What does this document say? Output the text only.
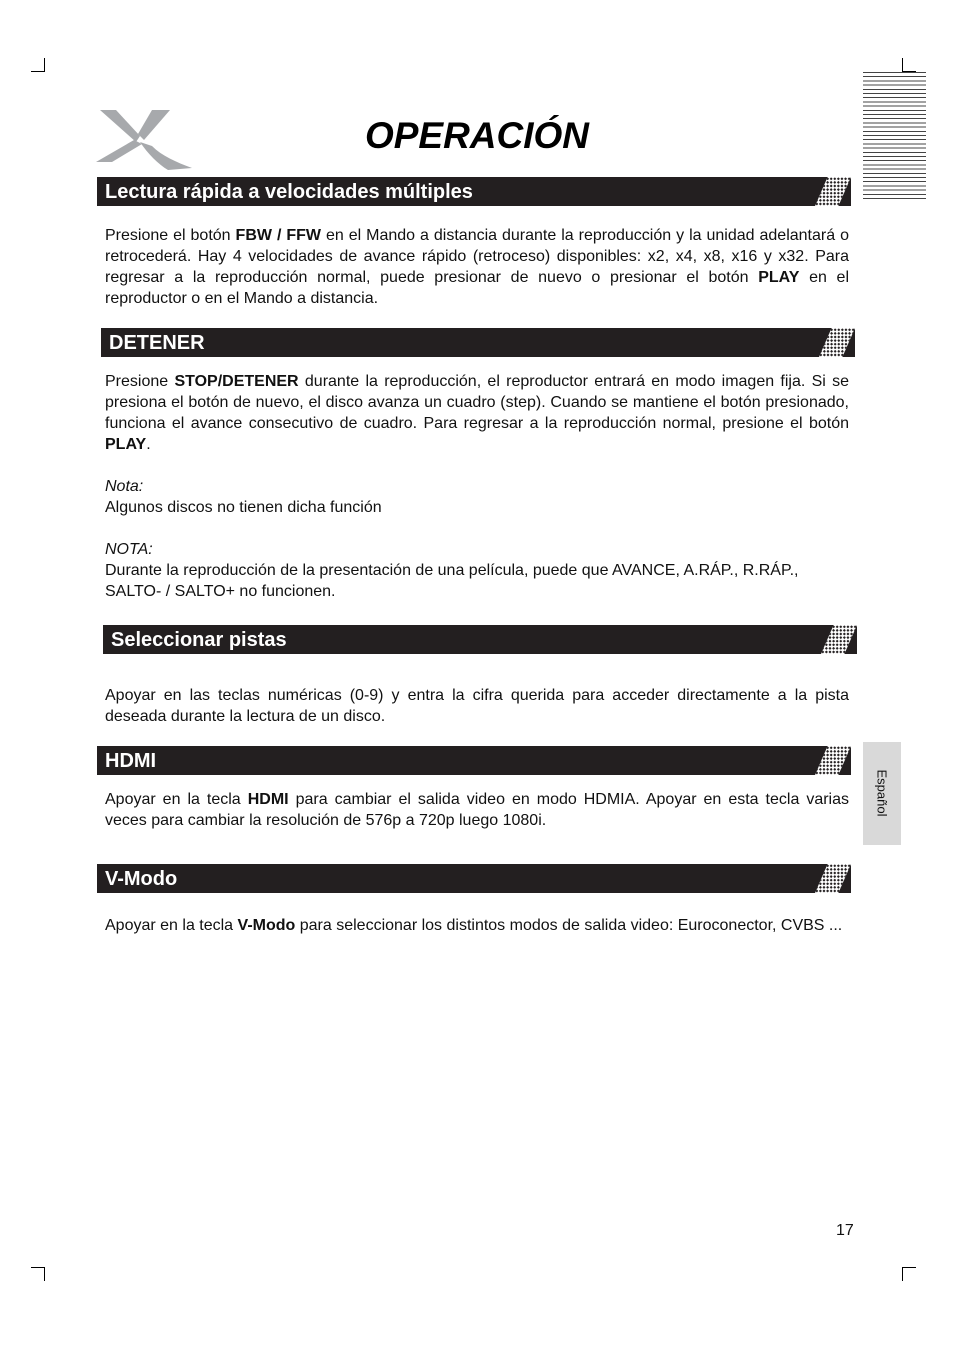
OPERACIÓN
Lectura rápida a velocidades múltiples

Presione el botón FBW / FFW en el Mando a distancia durante la reproducción y la unidad adelantará o retrocederá. Hay 4 velocidades de avance rápido (retroceso) disponibles: x2, x4, x8, x16 y x32. Para regresar a la reproducción normal, puede presionar de nuevo o presionar el botón PLAY en el reproductor o en el Mando a distancia.

DETENER

Presione STOP/DETENER durante la reproducción, el reproductor entrará en modo imagen fija. Si se presiona el botón de nuevo, el disco avanza un cuadro (step). Cuando se mantiene el botón presionado, funciona el avance consecutivo de cuadro. Para regresar a la reproducción normal, presione el botón PLAY.

Nota:
Algunos discos no tienen dicha función

NOTA:
Durante la reproducción de la presentación de una película, puede que AVANCE, A.RÁP., R.RÁP., SALTO- / SALTO+ no funcionen.

Seleccionar pistas

Apoyar en las teclas numéricas (0-9) y entra la cifra querida para acceder directamente a la pista deseada durante la lectura de un disco.

HDMI

Apoyar en la tecla HDMI para cambiar el salida video en modo HDMIA. Apoyar en esta tecla varias veces para cambiar la resolución de 576p a 720p luego 1080i.

V-Modo

Apoyar en la tecla V-Modo para seleccionar los distintos modos de salida video: Euroconector, CVBS ...

Español
17
